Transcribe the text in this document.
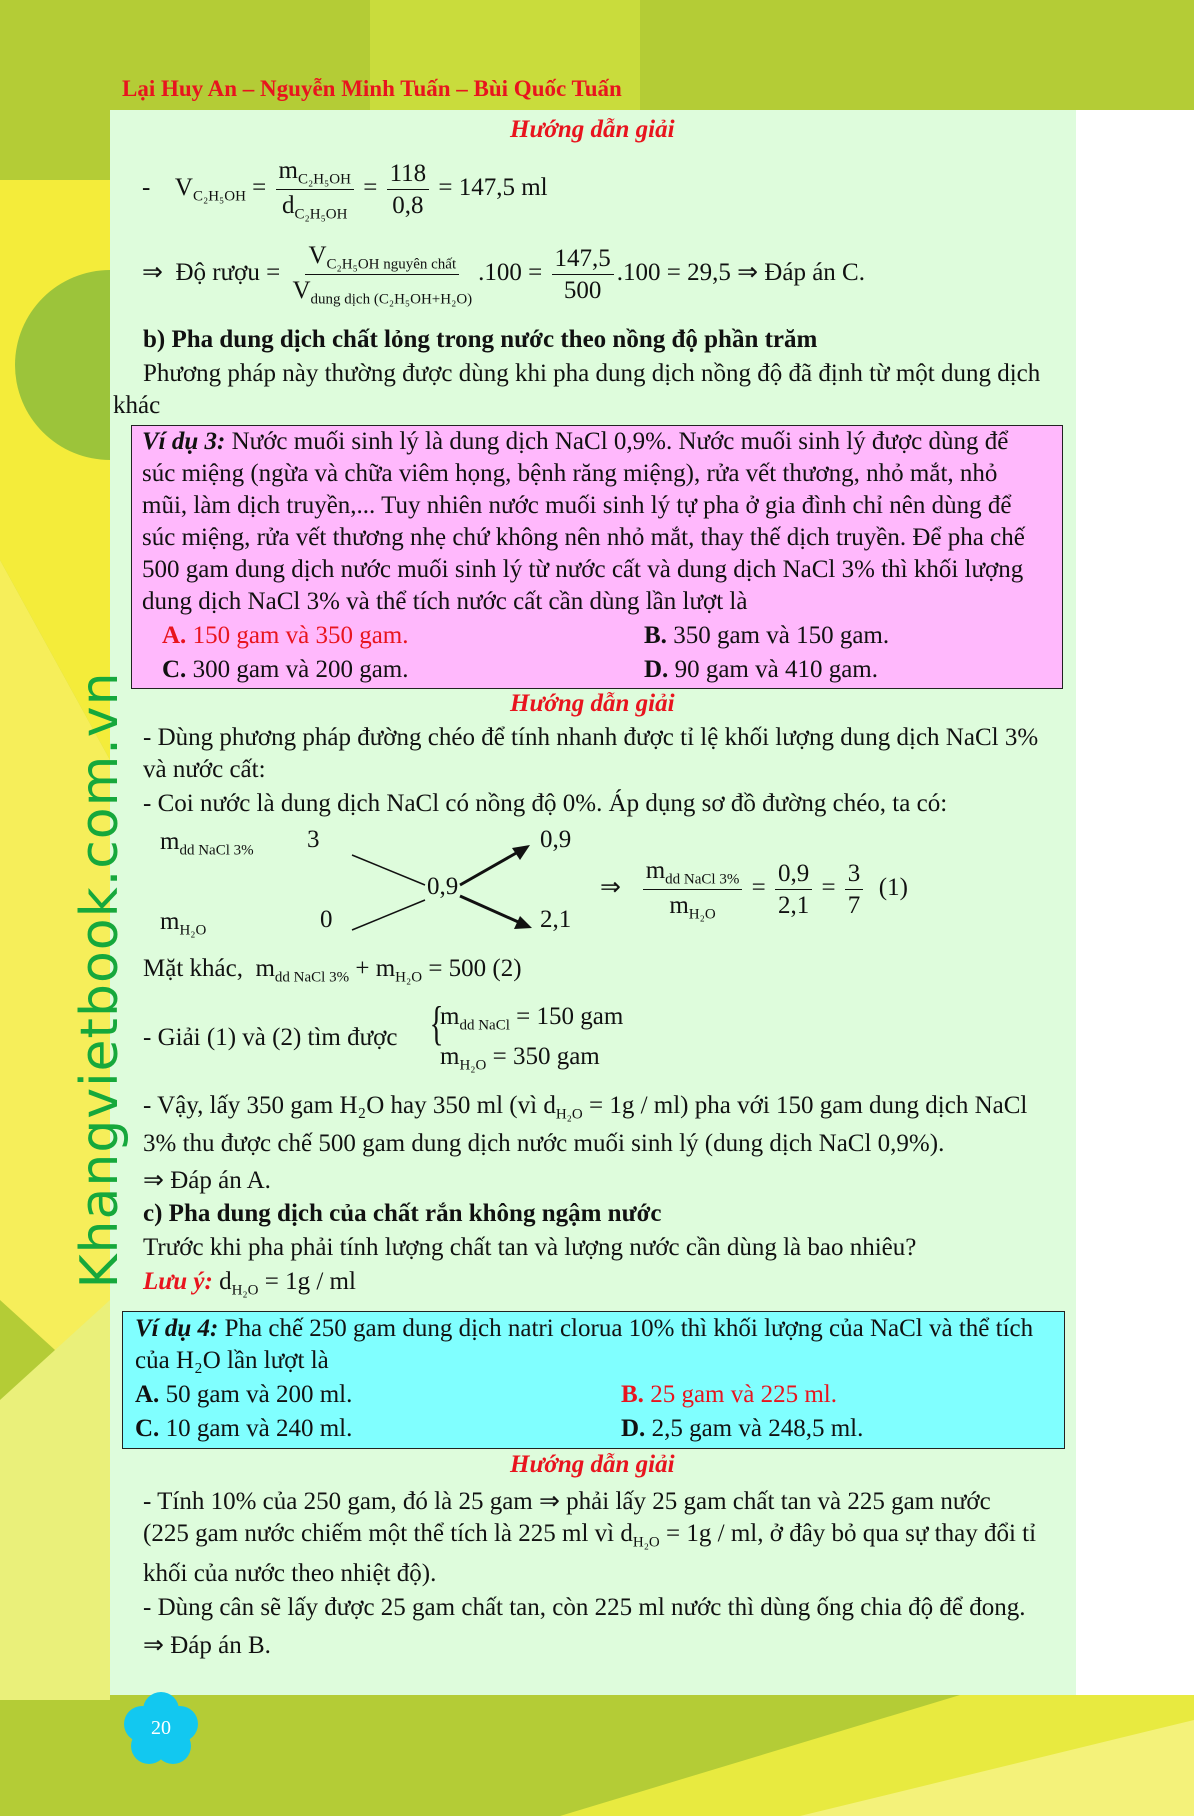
Khangvietbook.com.vn
Lại Huy An – Nguyễn Minh Tuấn – Bùi Quốc Tuấn
Hướng dẫn giải
- $V_{C_2H_5OH} = \frac{m_{C_2H_5OH}}{d_{C_2H_5OH}} = \frac{118}{0,8} = 147,5$ ml
⇒ Độ rượu = $\frac{V_{C_2H_5OH nguyên chất}}{V_{dung dịch (C_2H_5OH+H_2O)}} .100 = \frac{147,5}{500} .100 = 29,5$ ⇒ Đáp án C.
b) Pha dung dịch chất lỏng trong nước theo nồng độ phần trăm
Phương pháp này thường được dùng khi pha dung dịch nồng độ đã định từ một dung dịch
khác
Ví dụ 3: Nước muối sinh lý là dung dịch NaCl 0,9%. Nước muối sinh lý được dùng để
súc miệng (ngừa và chữa viêm họng, bệnh răng miệng), rửa vết thương, nhỏ mắt, nhỏ
mũi, làm dịch truyền,... Tuy nhiên nước muối sinh lý tự pha ở gia đình chỉ nên dùng để
súc miệng, rửa vết thương nhẹ chứ không nên nhỏ mắt, thay thế dịch truyền. Để pha chế
500 gam dung dịch nước muối sinh lý từ nước cất và dung dịch NaCl 3% thì khối lượng
dung dịch NaCl 3% và thể tích nước cất cần dùng lần lượt là
A. 150 gam và 350 gam.	B. 350 gam và 150 gam.
C. 300 gam và 200 gam.	D. 90 gam và 410 gam.
Hướng dẫn giải
- Dùng phương pháp đường chéo để tính nhanh được tỉ lệ khối lượng dung dịch NaCl 3%
và nước cất:
- Coi nước là dung dịch NaCl có nồng độ 0%. Áp dụng sơ đồ đường chéo, ta có:
$m_{dd NaCl 3\%}$
$m_{H_2O}$
3
0
0,9
0,9
2,1
⇒ $\frac{m_{dd NaCl 3\%}}{m_{H_2O}} = \frac{0,9}{2,1} = \frac{3}{7} (1)$
Mặt khác, $m_{dd NaCl 3\%} + m_{H_2O} = 500$ (2)
- Giải (1) và (2) tìm được {
$m_{dd NaCl} = 150$ gam
$m_{H_2O} = 350$ gam
- Vậy, lấy 350 gam H₂O hay 350 ml (vì $d_{H_2O} = 1g / ml$) pha với 150 gam dung dịch NaCl
3% thu được chế 500 gam dung dịch nước muối sinh lý (dung dịch NaCl 0,9%).
⇒ Đáp án A.
c) Pha dung dịch của chất rắn không ngậm nước
Trước khi pha phải tính lượng chất tan và lượng nước cần dùng là bao nhiêu?
Lưu ý: $d_{H_2O} = 1g$ / ml
Ví dụ 4: Pha chế 250 gam dung dịch natri clorua 10% thì khối lượng của NaCl và thể tích
của H₂O lần lượt là
A. 50 gam và 200 ml.	B. 25 gam và 225 ml.
C. 10 gam và 240 ml.	D. 2,5 gam và 248,5 ml.
Hướng dẫn giải
- Tính 10% của 250 gam, đó là 25 gam ⇒ phải lấy 25 gam chất tan và 225 gam nước
(225 gam nước chiếm một thể tích là 225 ml vì $d_{H_2O} = 1g$ / ml, ở đây bỏ qua sự thay đổi tỉ
khối của nước theo nhiệt độ).
- Dùng cân sẽ lấy được 25 gam chất tan, còn 225 ml nước thì dùng ống chia độ để đong.
⇒ Đáp án B.
20
